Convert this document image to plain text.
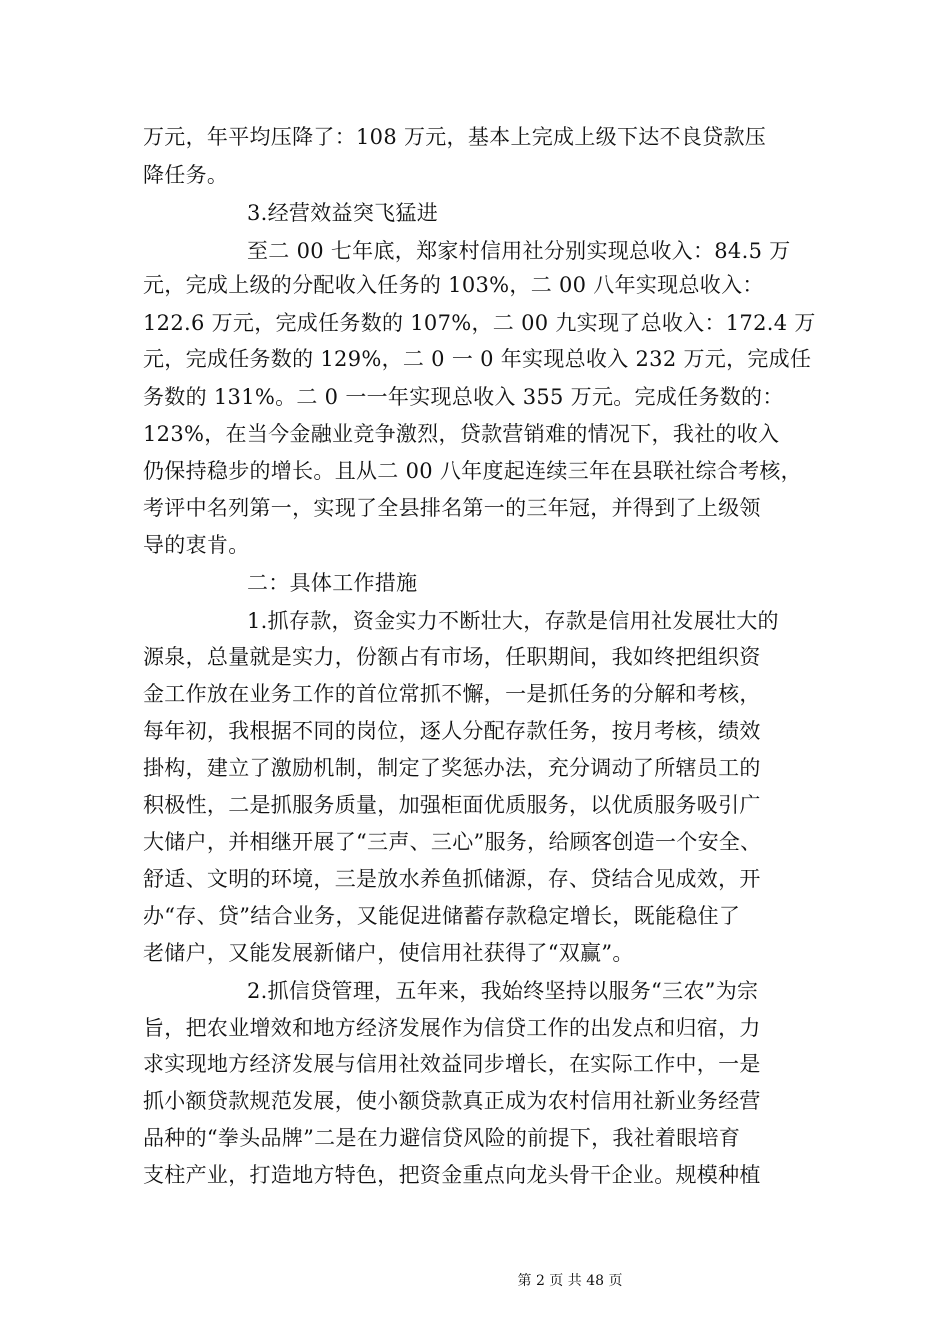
万元，年平均压降了：108 万元，基本上完成上级下达不良贷款压
降任务。
3.经营效益突飞猛进
至二 00 七年底，郑家村信用社分别实现总收入：84.5 万
元，完成上级的分配收入任务的 103%，二 00 八年实现总收入：
122.6 万元，完成任务数的 107%，二 00 九实现了总收入：172.4 万
元，完成任务数的 129%，二 0 一 0 年实现总收入 232 万元，完成任
务数的 131%。二 0 一一年实现总收入 355 万元。完成任务数的：
123%，在当今金融业竞争激烈，贷款营销难的情况下，我社的收入
仍保持稳步的增长。且从二 00 八年度起连续三年在县联社综合考核，
考评中名列第一，实现了全县排名第一的三年冠，并得到了上级领
导的衷肯。
二：具体工作措施
1.抓存款，资金实力不断壮大，存款是信用社发展壮大的
源泉，总量就是实力，份额占有市场，任职期间，我如终把组织资
金工作放在业务工作的首位常抓不懈，一是抓任务的分解和考核，
每年初，我根据不同的岗位，逐人分配存款任务，按月考核，绩效
掛构，建立了激励机制，制定了奖惩办法，充分调动了所辖员工的
积极性，二是抓服务质量，加强柜面优质服务，以优质服务吸引广
大储户，并相继开展了“三声、三心”服务，给顾客创造一个安全、
舒适、文明的环境，三是放水养鱼抓储源，存、贷结合见成效，开
办“存、贷”结合业务，又能促进储蓄存款稳定增长，既能稳住了
老储户，又能发展新储户，使信用社获得了“双赢”。
2.抓信贷管理，五年来，我始终坚持以服务“三农”为宗
旨，把农业增效和地方经济发展作为信贷工作的出发点和归宿，力
求实现地方经济发展与信用社效益同步增长，在实际工作中，一是
抓小额贷款规范发展，使小额贷款真正成为农村信用社新业务经营
品种的“拳头品牌”二是在力避信贷风险的前提下，我社着眼培育
支柱产业，打造地方特色，把资金重点向龙头骨干企业。规模种植
第 2 页 共 48 页
